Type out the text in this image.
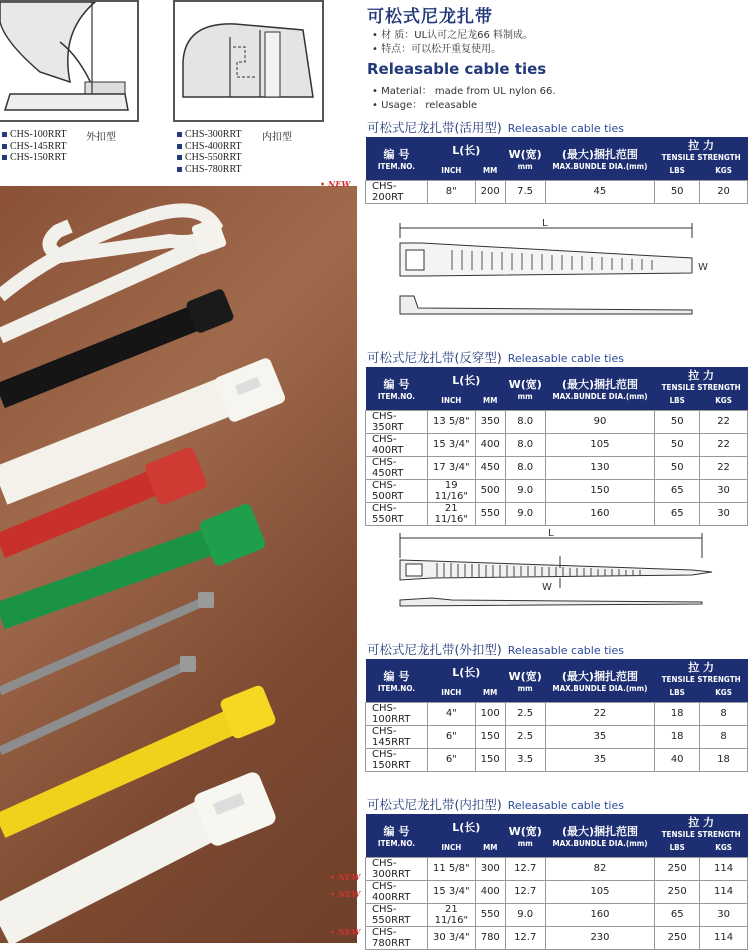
CHS-100RRT
CHS-145RRT
CHS-150RRT
外扣型	CHS-300RRT
CHS-400RRT
CHS-550RRT
CHS-780RRT
内扣型
可松式尼龙扎带
• 材 质：UL认可之尼龙66 料制成。
• 特点：可以松开重复使用。
Releasable cable ties
• Material： made from UL nylon 66.
• Usage： releasable
可松式尼龙扎带(活用型) Releasable cable ties
可松式尼龙扎带(反穿型) Releasable cable ties
可松式尼龙扎带(外扣型) Releasable cable ties
可松式尼龙扎带(内扣型) Releasable cable ties
编 号
ITEM.NO.	L(长)		W(宽)
mm	(最大)捆扎范围
MAX.BUNDLE DIA.(mm)	拉 力
TENSILE STRENGTH	

	INCH	MM			LBS	KGS

CHS-200RT	8"	200	7.5	45	50	20
编 号
ITEM.NO.	L(长)		W(宽)
mm	(最大)捆扎范围
MAX.BUNDLE DIA.(mm)	拉 力
TENSILE STRENGTH	

	INCH	MM			LBS	KGS

CHS-350RT	13 5/8"	350	8.0	90	50	22
CHS-400RT	15 3/4"	400	8.0	105	50	22
CHS-450RT	17 3/4"	450	8.0	130	50	22
CHS-500RT	19 11/16"	500	9.0	150	65	30
CHS-550RT	21 11/16"	550	9.0	160	65	30
编 号
ITEM.NO.	L(长)		W(宽)
mm	(最大)捆扎范围
MAX.BUNDLE DIA.(mm)	拉 力
TENSILE STRENGTH	

	INCH	MM			LBS	KGS

CHS-100RRT	4"	100	2.5	22	18	8
CHS-145RRT	6"	150	2.5	35	18	8
CHS-150RRT	6"	150	3.5	35	40	18
编 号
ITEM.NO.	L(长)		W(宽)
mm	(最大)捆扎范围
MAX.BUNDLE DIA.(mm)	拉 力
TENSILE STRENGTH	

	INCH	MM			LBS	KGS

CHS-300RRT	11 5/8"	300	12.7	82	250	114
CHS-400RRT	15 3/4"	400	12.7	105	250	114
CHS-550RRT	21 11/16"	550	9.0	160	65	30
CHS-780RRT	30 3/4"	780	12.7	230	250	114
• NEW
• NEW
• NEW
• NEW
L
W
L
W
